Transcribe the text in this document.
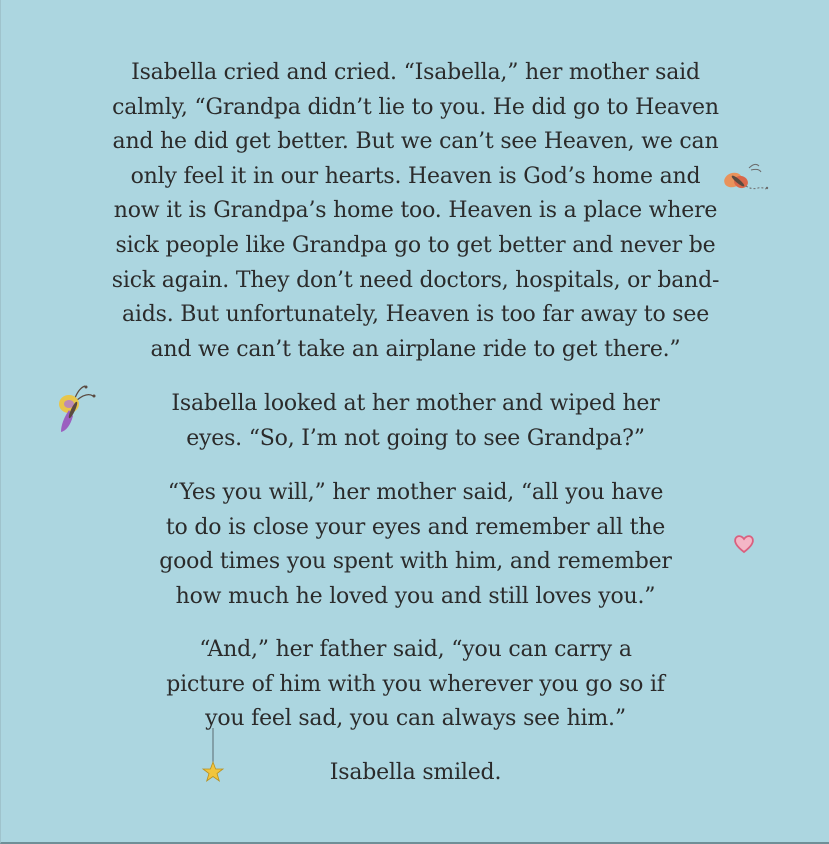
Isabella cried and cried. “Isabella,” her mother said
calmly, “Grandpa didn’t lie to you. He did go to Heaven
and he did get better. But we can’t see Heaven, we can
only feel it in our hearts. Heaven is God’s home and
now it is Grandpa’s home too. Heaven is a place where
sick people like Grandpa go to get better and never be
sick again. They don’t need doctors, hospitals, or band-
aids. But unfortunately, Heaven is too far away to see
and we can’t take an airplane ride to get there.”
Isabella looked at her mother and wiped her
eyes. “So, I’m not going to see Grandpa?”
“Yes you will,” her mother said, “all you have
to do is close your eyes and remember all the
good times you spent with him, and remember
how much he loved you and still loves you.”
“And,” her father said, “you can carry a
picture of him with you wherever you go so if
you feel sad, you can always see him.”
Isabella smiled.
